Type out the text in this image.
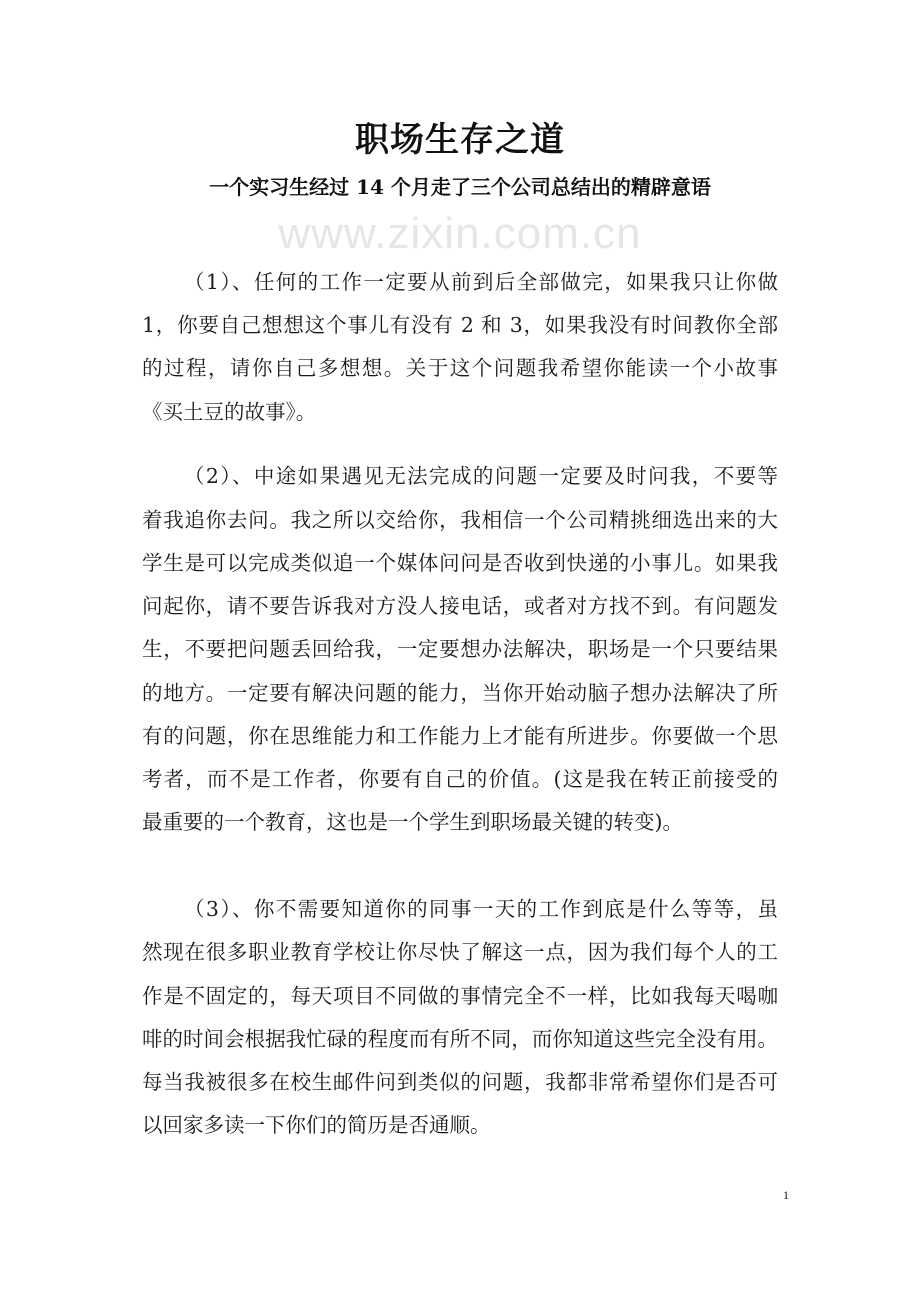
职场生存之道
一个实习生经过 14 个月走了三个公司总结出的精辟意语
www.zixin.com.cn
（1）、任何的工作一定要从前到后全部做完，如果我只让你做
1，你要自己想想这个事儿有没有 2 和 3，如果我没有时间教你全部
的过程，请你自己多想想。关于这个问题我希望你能读一个小故事
《买土豆的故事》。
（2）、中途如果遇见无法完成的问题一定要及时问我，不要等
着我追你去问。我之所以交给你，我相信一个公司精挑细选出来的大
学生是可以完成类似追一个媒体问问是否收到快递的小事儿。如果我
问起你，请不要告诉我对方没人接电话，或者对方找不到。有问题发
生，不要把问题丢回给我，一定要想办法解决，职场是一个只要结果
的地方。一定要有解决问题的能力，当你开始动脑子想办法解决了所
有的问题，你在思维能力和工作能力上才能有所进步。你要做一个思
考者，而不是工作者，你要有自己的价值。(这是我在转正前接受的
最重要的一个教育，这也是一个学生到职场最关键的转变)。
（3）、你不需要知道你的同事一天的工作到底是什么等等，虽
然现在很多职业教育学校让你尽快了解这一点，因为我们每个人的工
作是不固定的，每天项目不同做的事情完全不一样，比如我每天喝咖
啡的时间会根据我忙碌的程度而有所不同，而你知道这些完全没有用。
每当我被很多在校生邮件问到类似的问题，我都非常希望你们是否可
以回家多读一下你们的简历是否通顺。
1
